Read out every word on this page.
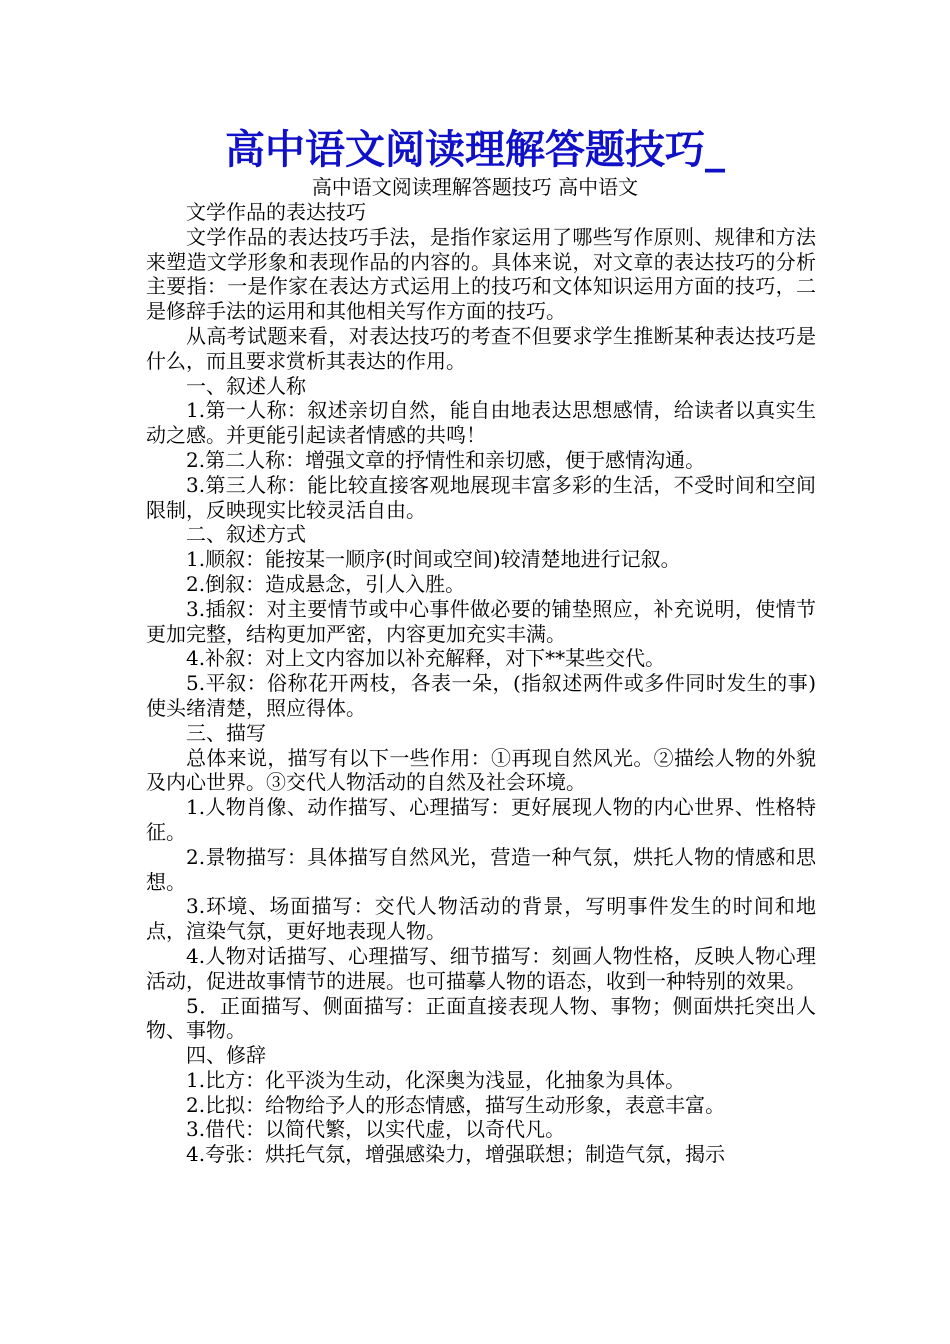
高中语文阅读理解答题技巧_
高中语文阅读理解答题技巧 高中语文

文学作品的表达技巧

文学作品的表达技巧手法，是指作家运用了哪些写作原则、规律和方法来塑造文学形象和表现作品的内容的。具体来说，对文章的表达技巧的分析主要指：一是作家在表达方式运用上的技巧和文体知识运用方面的技巧，二是修辞手法的运用和其他相关写作方面的技巧。

从高考试题来看，对表达技巧的考查不但要求学生推断某种表达技巧是什么，而且要求赏析其表达的作用。

一、叙述人称

1.第一人称：叙述亲切自然，能自由地表达思想感情，给读者以真实生动之感。并更能引起读者情感的共鸣！

2.第二人称：增强文章的抒情性和亲切感，便于感情沟通。

3.第三人称：能比较直接客观地展现丰富多彩的生活，不受时间和空间限制，反映现实比较灵活自由。

二、叙述方式

1.顺叙：能按某一顺序(时间或空间)较清楚地进行记叙。

2.倒叙：造成悬念，引人入胜。

3.插叙：对主要情节或中心事件做必要的铺垫照应，补充说明，使情节更加完整，结构更加严密，内容更加充实丰满。

4.补叙：对上文内容加以补充解释，对下**某些交代。

5.平叙：俗称花开两枝，各表一朵，(指叙述两件或多件同时发生的事)使头绪清楚，照应得体。

三、描写

总体来说，描写有以下一些作用：①再现自然风光。②描绘人物的外貌及内心世界。③交代人物活动的自然及社会环境。

1.人物肖像、动作描写、心理描写：更好展现人物的内心世界、性格特征。

2.景物描写：具体描写自然风光，营造一种气氛，烘托人物的情感和思想。

3.环境、场面描写：交代人物活动的背景，写明事件发生的时间和地点，渲染气氛，更好地表现人物。

4.人物对话描写、心理描写、细节描写：刻画人物性格，反映人物心理活动，促进故事情节的进展。也可描摹人物的语态，收到一种特别的效果。

5．正面描写、侧面描写：正面直接表现人物、事物；侧面烘托突出人物、事物。

四、修辞

1.比方：化平淡为生动，化深奥为浅显，化抽象为具体。

2.比拟：给物给予人的形态情感，描写生动形象，表意丰富。

3.借代：以简代繁，以实代虚，以奇代凡。

4.夸张：烘托气氛，增强感染力，增强联想；制造气氛，揭示
